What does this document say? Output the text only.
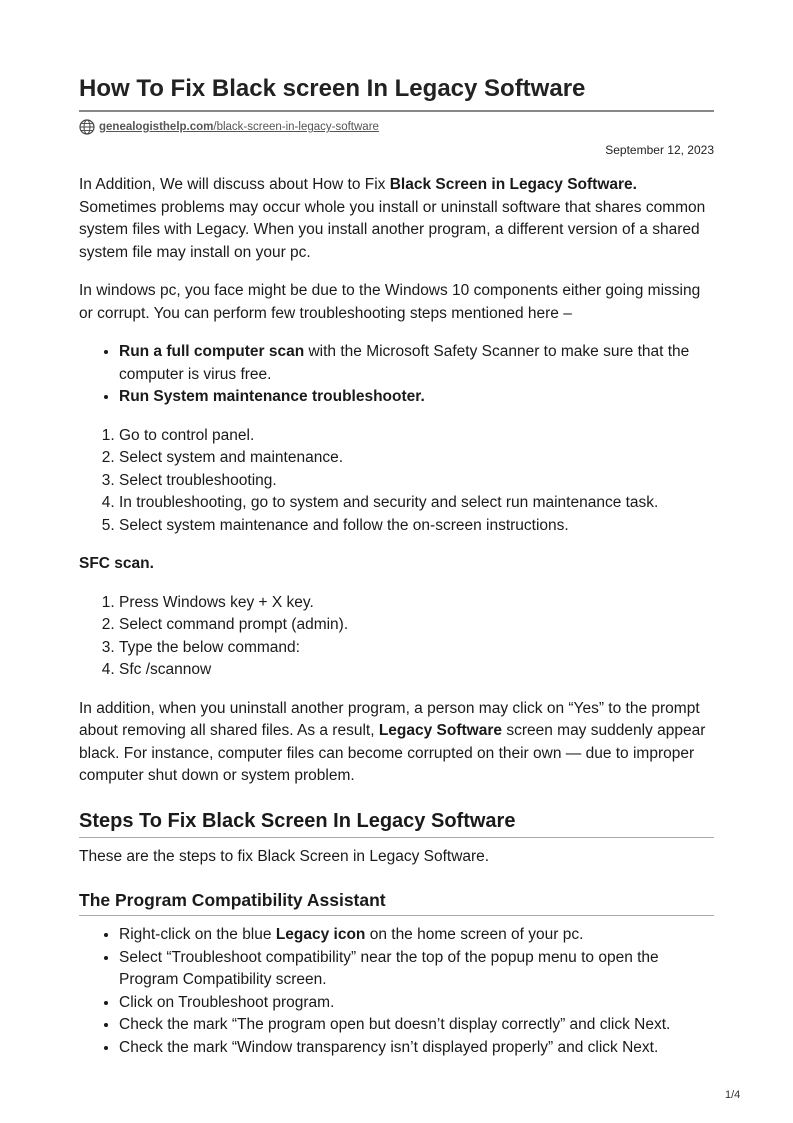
How To Fix Black screen In Legacy Software
genealogisthelp.com/black-screen-in-legacy-software
September 12, 2023

In Addition, We will discuss about How to Fix Black Screen in Legacy Software. Sometimes problems may occur whole you install or uninstall software that shares common system files with Legacy. When you install another program, a different version of a shared system file may install on your pc.

In windows pc, you face might be due to the Windows 10 components either going missing or corrupt. You can perform few troubleshooting steps mentioned here –

• Run a full computer scan with the Microsoft Safety Scanner to make sure that the computer is virus free.
• Run System maintenance troubleshooter.
1. Go to control panel.
2. Select system and maintenance.
3. Select troubleshooting.
4. In troubleshooting, go to system and security and select run maintenance task.
5. Select system maintenance and follow the on-screen instructions.

SFC scan.

1. Press Windows key + X key.
2. Select command prompt (admin).
3. Type the below command:
4. Sfc /scannow

In addition, when you uninstall another program, a person may click on “Yes” to the prompt about removing all shared files. As a result, Legacy Software screen may suddenly appear black. For instance, computer files can become corrupted on their own — due to improper computer shut down or system problem.

Steps To Fix Black Screen In Legacy Software

These are the steps to fix Black Screen in Legacy Software.

The Program Compatibility Assistant
• Right-click on the blue Legacy icon on the home screen of your pc.
• Select “Troubleshoot compatibility” near the top of the popup menu to open the Program Compatibility screen.
• Click on Troubleshoot program.
• Check the mark “The program open but doesn’t display correctly” and click Next.
• Check the mark “Window transparency isn’t displayed properly” and click Next.
1/4
